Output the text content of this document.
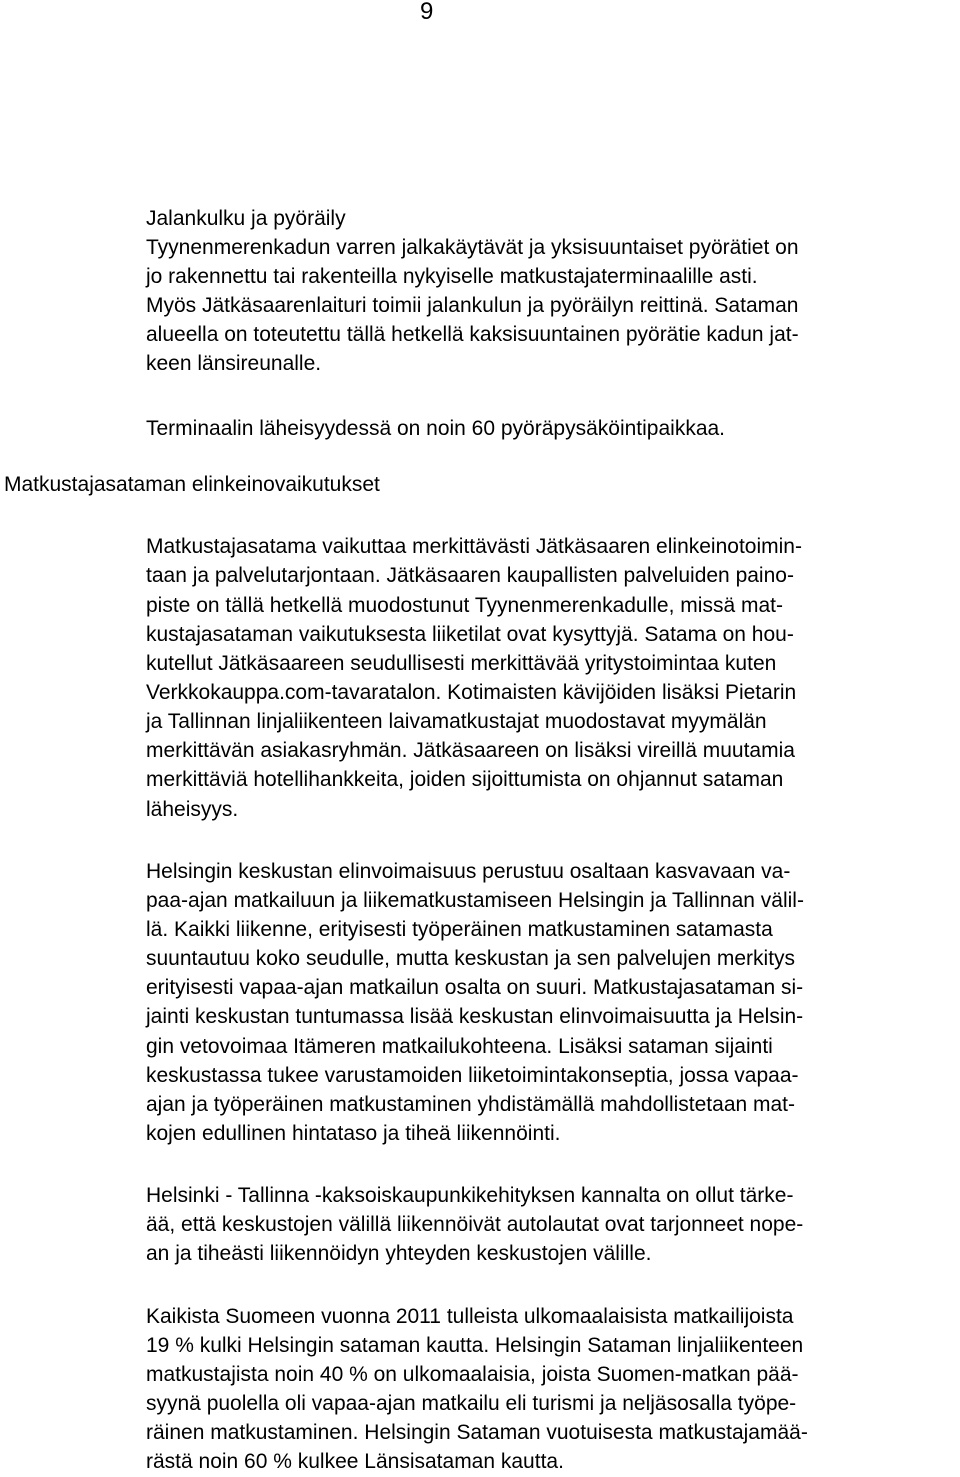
9
Jalankulku ja pyöräily
Tyynenmerenkadun varren jalkakäytävät ja yksisuuntaiset pyörätiet on
jo rakennettu tai rakenteilla nykyiselle matkustajaterminaalille asti.
Myös Jätkäsaarenlaituri toimii jalankulun ja pyöräilyn reittinä. Sataman
alueella on toteutettu tällä hetkellä kaksisuuntainen pyörätie kadun jat-
keen länsireunalle.
Terminaalin läheisyydessä on noin 60 pyöräpysäköintipaikkaa.
Matkustajasataman elinkeinovaikutukset
Matkustajasatama vaikuttaa merkittävästi Jätkäsaaren elinkeinotoimin-
taan ja palvelutarjontaan. Jätkäsaaren kaupallisten palveluiden paino-
piste on tällä hetkellä muodostunut Tyynenmerenkadulle, missä mat-
kustajasataman vaikutuksesta liiketilat ovat kysyttyjä. Satama on hou-
kutellut Jätkäsaareen seudullisesti merkittävää yritystoimintaa kuten
Verkkokauppa.com-tavaratalon. Kotimaisten kävijöiden lisäksi Pietarin
ja Tallinnan linjaliikenteen laivamatkustajat muodostavat myymälän
merkittävän asiakasryhmän. Jätkäsaareen on lisäksi vireillä muutamia
merkittäviä hotellihankkeita, joiden sijoittumista on ohjannut sataman
läheisyys.
Helsingin keskustan elinvoimaisuus perustuu osaltaan kasvavaan va-
paa-ajan matkailuun ja liikematkustamiseen Helsingin ja Tallinnan välil-
lä. Kaikki liikenne, erityisesti työperäinen matkustaminen satamasta
suuntautuu koko seudulle, mutta keskustan ja sen palvelujen merkitys
erityisesti vapaa-ajan matkailun osalta on suuri. Matkustajasataman si-
jainti keskustan tuntumassa lisää keskustan elinvoimaisuutta ja Helsin-
gin vetovoimaa Itämeren matkailukohteena. Lisäksi sataman sijainti
keskustassa tukee varustamoiden liiketoimintakonseptia, jossa vapaa-
ajan ja työperäinen matkustaminen yhdistämällä mahdollistetaan mat-
kojen edullinen hintataso ja tiheä liikennöinti.
Helsinki - Tallinna -kaksoiskaupunkikehityksen kannalta on ollut tärke-
ää, että keskustojen välillä liikennöivät autolautat ovat tarjonneet nope-
an ja tiheästi liikennöidyn yhteyden keskustojen välille.
Kaikista Suomeen vuonna 2011 tulleista ulkomaalaisista matkailijoista
19 % kulki Helsingin sataman kautta. Helsingin Sataman linjaliikenteen
matkustajista noin 40 % on ulkomaalaisia, joista Suomen-matkan pää-
syynä puolella oli vapaa-ajan matkailu eli turismi ja neljäsosalla työpe-
räinen matkustaminen. Helsingin Sataman vuotuisesta matkustajamää-
rästä noin 60 % kulkee Länsisataman kautta.
